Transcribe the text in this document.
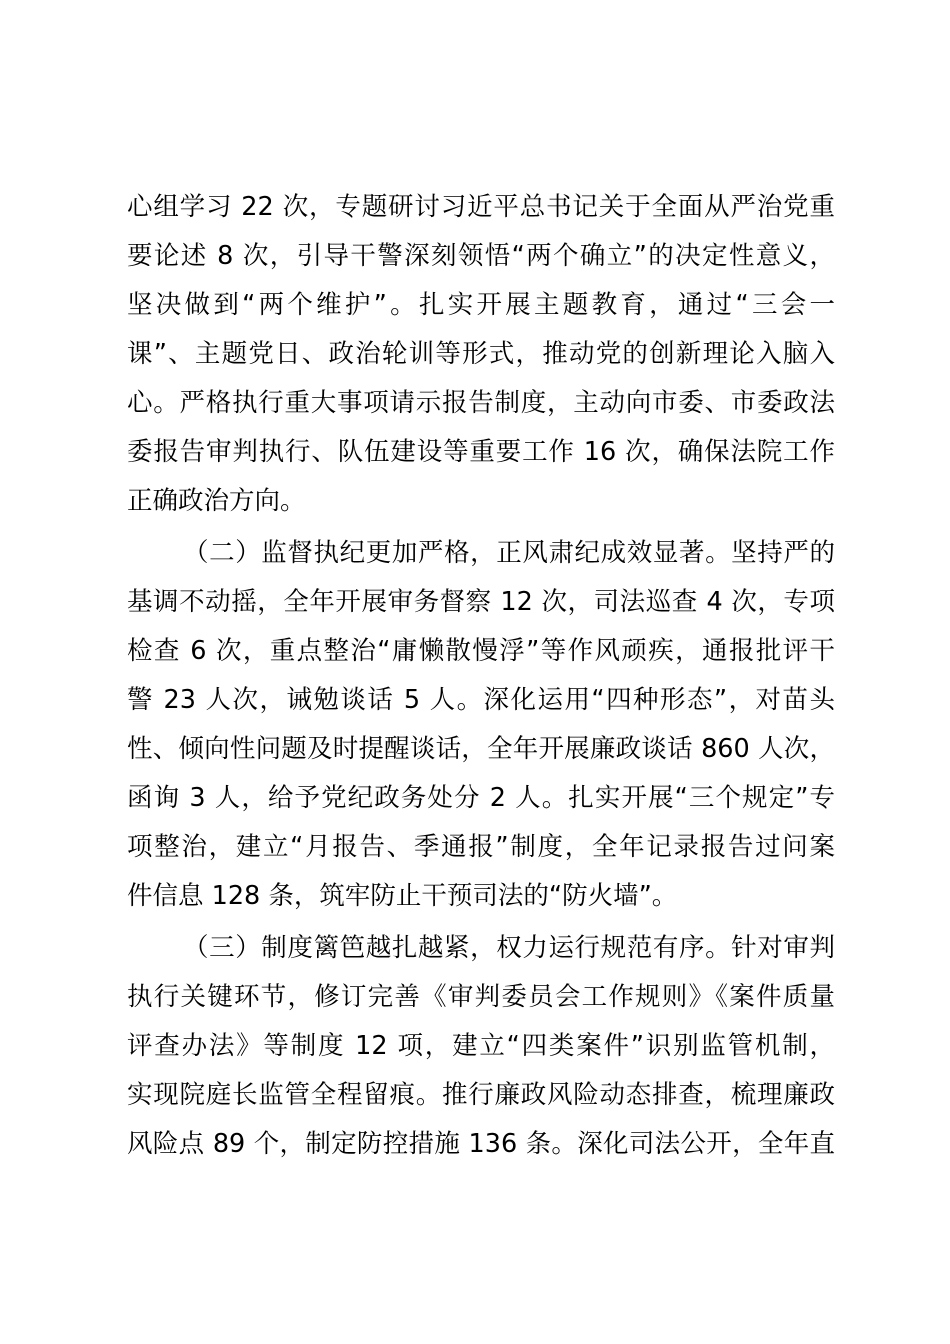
心组学习 22 次，专题研讨习近平总书记关于全面从严治党重

要论述 8 次，引导干警深刻领悟“两个确立”的决定性意义，

坚决做到“两个维护”。扎实开展主题教育，通过“三会一

课”、主题党日、政治轮训等形式，推动党的创新理论入脑入

心。严格执行重大事项请示报告制度，主动向市委、市委政法

委报告审判执行、队伍建设等重要工作 16 次，确保法院工作

正确政治方向。

（二）监督执纪更加严格，正风肃纪成效显著。坚持严的

基调不动摇，全年开展审务督察 12 次，司法巡查 4 次，专项

检查 6 次，重点整治“庸懒散慢浮”等作风顽疾，通报批评干

警 23 人次，诫勉谈话 5 人。深化运用“四种形态”，对苗头

性、倾向性问题及时提醒谈话，全年开展廉政谈话 860 人次，

函询 3 人，给予党纪政务处分 2 人。扎实开展“三个规定”专

项整治，建立“月报告、季通报”制度，全年记录报告过问案

件信息 128 条，筑牢防止干预司法的“防火墙”。

（三）制度篱笆越扎越紧，权力运行规范有序。针对审判

执行关键环节，修订完善《审判委员会工作规则》《案件质量

评查办法》等制度 12 项，建立“四类案件”识别监管机制，

实现院庭长监管全程留痕。推行廉政风险动态排查，梳理廉政

风险点 89 个，制定防控措施 136 条。深化司法公开，全年直
